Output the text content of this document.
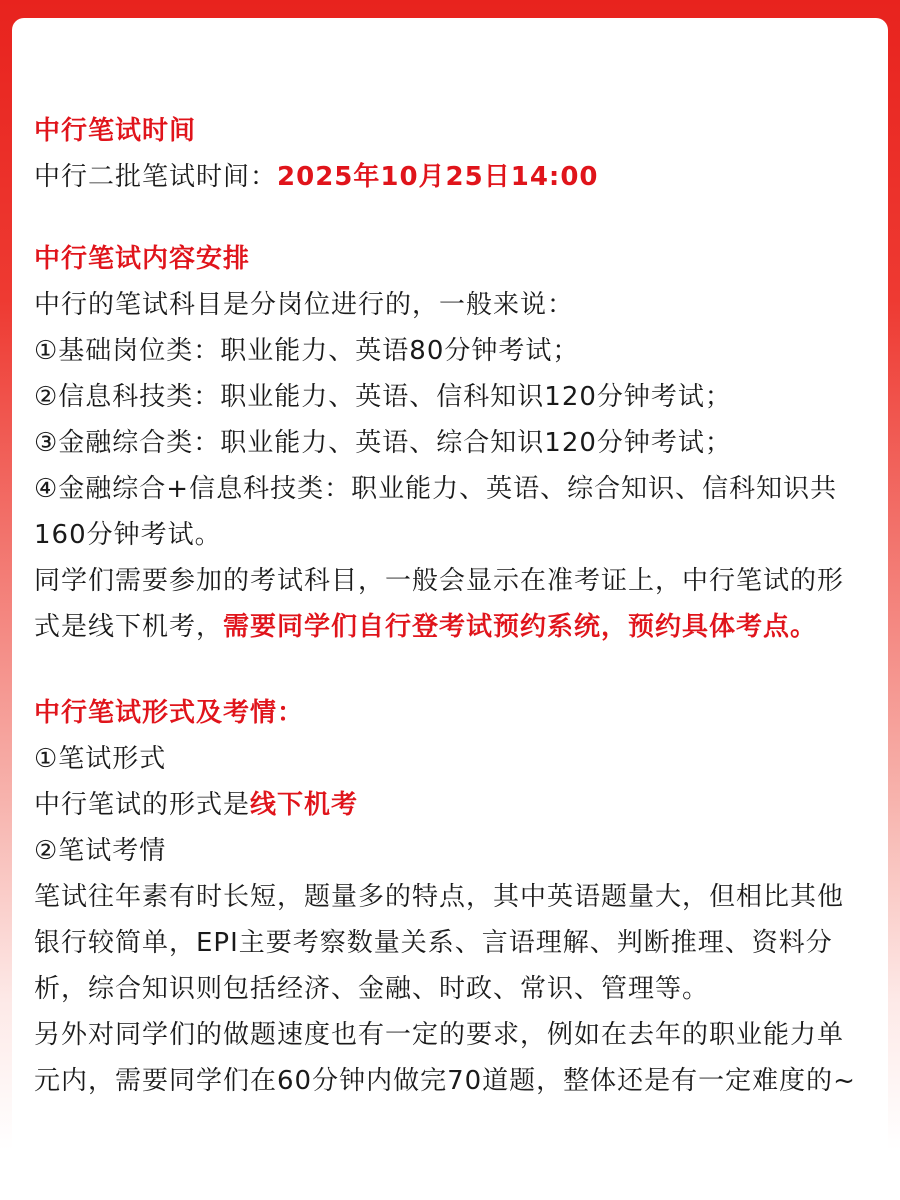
中行笔试时间
中行二批笔试时间：2025年10月25日14:00
中行笔试内容安排
中行的笔试科目是分岗位进行的，一般来说：
①基础岗位类：职业能力、英语80分钟考试；
②信息科技类：职业能力、英语、信科知识120分钟考试；
③金融综合类：职业能力、英语、综合知识120分钟考试；
④金融综合+信息科技类：职业能力、英语、综合知识、信科知识共
160分钟考试。
同学们需要参加的考试科目，一般会显示在准考证上，中行笔试的形
式是线下机考，需要同学们自行登考试预约系统，预约具体考点。
中行笔试形式及考情：
①笔试形式
中行笔试的形式是线下机考
②笔试考情
笔试往年素有时长短，题量多的特点，其中英语题量大，但相比其他
银行较简单，EPI主要考察数量关系、言语理解、判断推理、资料分
析，综合知识则包括经济、金融、时政、常识、管理等。
另外对同学们的做题速度也有一定的要求，例如在去年的职业能力单
元内，需要同学们在60分钟内做完70道题，整体还是有一定难度的~
